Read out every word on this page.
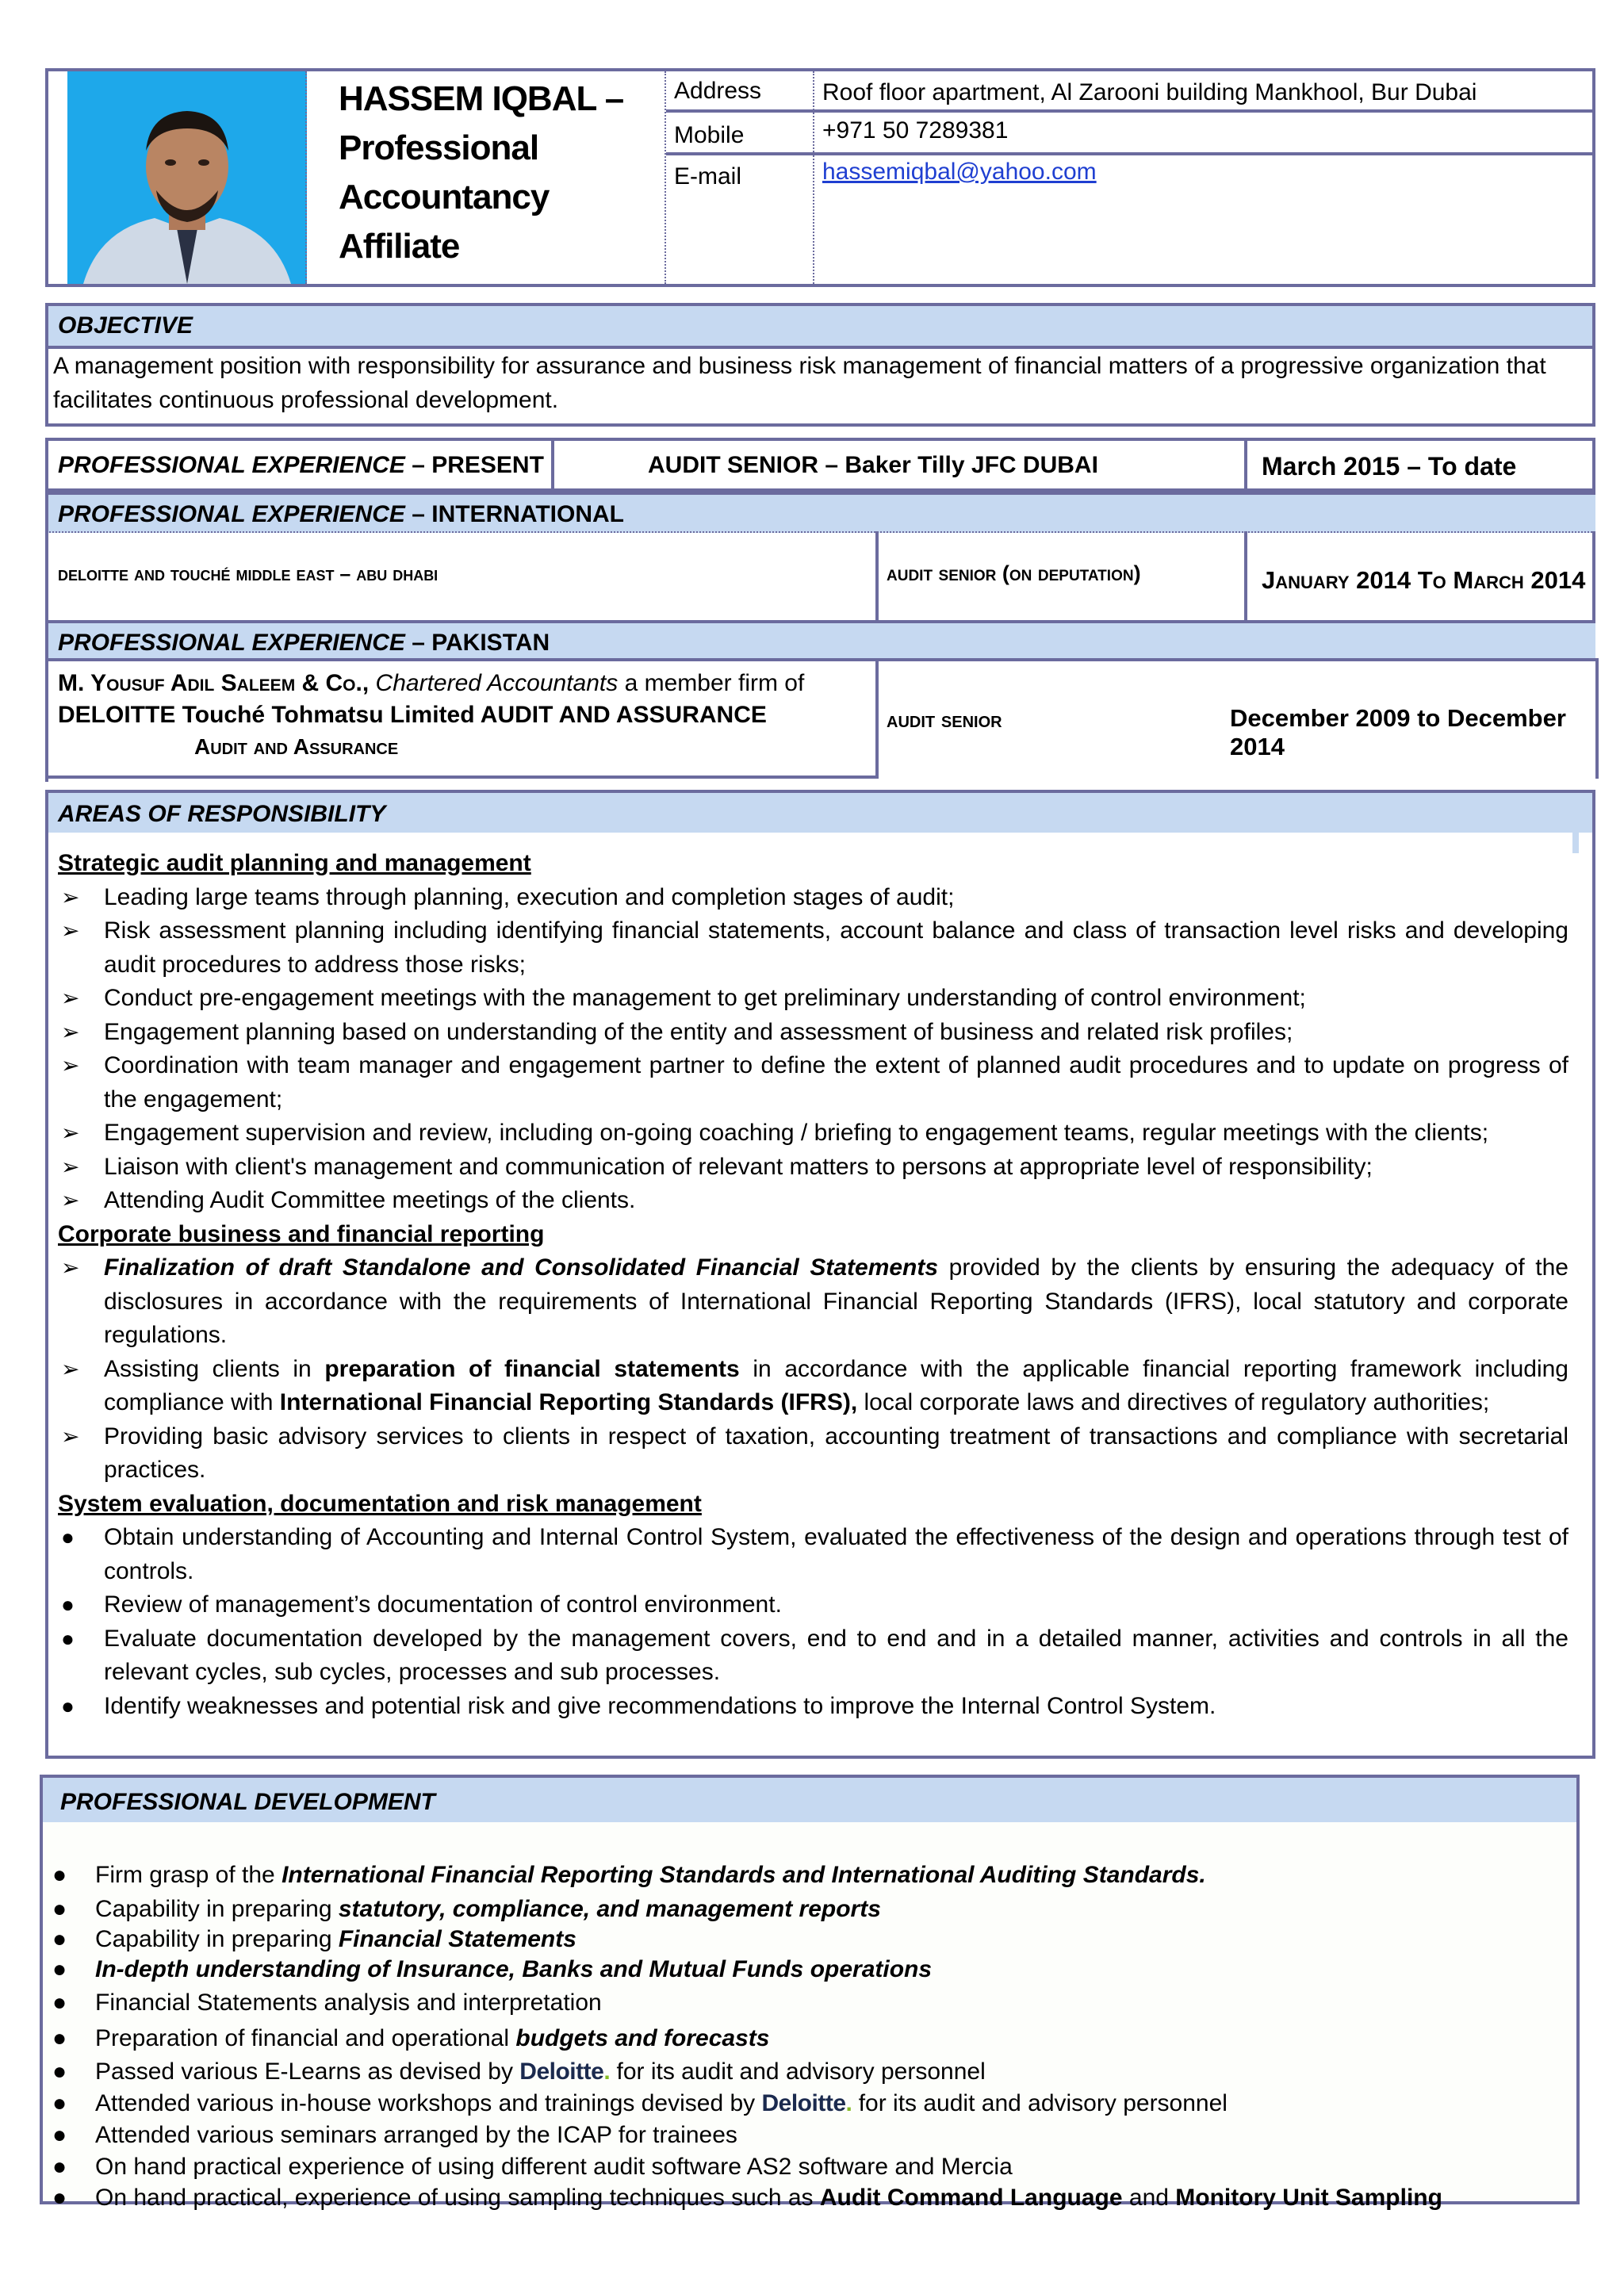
HASSEM IQBAL –
Professional
Accountancy
Affiliate
Address	Roof floor apartment, Al Zarooni building Mankhool, Bur Dubai
Mobile	+971 50 7289381
E-mail	hassemiqbal@yahoo.com
OBJECTIVE
A management position with responsibility for assurance and business risk management of financial matters of a progressive organization that facilitates continuous professional development.
PROFESSIONAL EXPERIENCE – PRESENT	AUDIT SENIOR – Baker Tilly JFC DUBAI	March 2015 – To date
PROFESSIONAL EXPERIENCE – INTERNATIONAL
deloitte and touché middle east – abu dhabi	audit senior (on deputation)	January 2014 To March 2014
PROFESSIONAL EXPERIENCE – PAKISTAN
M. Yousuf Adil Saleem & Co., Chartered Accountants a member firm of
DELOITTE Touché Tohmatsu Limited AUDIT AND ASSURANCE
Audit and Assurance
audit senior	December 2009 to December 2014
AREAS OF RESPONSIBILITY
Strategic audit planning and management
➢ Leading large teams through planning, execution and completion stages of audit;
➢ Risk assessment planning including identifying financial statements, account balance and class of transaction level risks and developing audit procedures to address those risks;
➢ Conduct pre-engagement meetings with the management to get preliminary understanding of control environment;
➢ Engagement planning based on understanding of the entity and assessment of business and related risk profiles;
➢ Coordination with team manager and engagement partner to define the extent of planned audit procedures and to update on progress of the engagement;
➢ Engagement supervision and review, including on-going coaching / briefing to engagement teams, regular meetings with the clients;
➢ Liaison with client's management and communication of relevant matters to persons at appropriate level of responsibility;
➢ Attending Audit Committee meetings of the clients.
Corporate business and financial reporting
➢ Finalization of draft Standalone and Consolidated Financial Statements provided by the clients by ensuring the adequacy of the disclosures in accordance with the requirements of International Financial Reporting Standards (IFRS), local statutory and corporate regulations.
➢ Assisting clients in preparation of financial statements in accordance with the applicable financial reporting framework including compliance with International Financial Reporting Standards (IFRS), local corporate laws and directives of regulatory authorities;
➢ Providing basic advisory services to clients in respect of taxation, accounting treatment of transactions and compliance with secretarial practices.
System evaluation, documentation and risk management
● Obtain understanding of Accounting and Internal Control System, evaluated the effectiveness of the design and operations through test of controls.
● Review of management’s documentation of control environment.
● Evaluate documentation developed by the management covers, end to end and in a detailed manner, activities and controls in all the relevant cycles, sub cycles, processes and sub processes.
● Identify weaknesses and potential risk and give recommendations to improve the Internal Control System.
PROFESSIONAL DEVELOPMENT
● Firm grasp of the International Financial Reporting Standards and International Auditing Standards.
● Capability in preparing statutory, compliance, and management reports
● Capability in preparing Financial Statements
● In-depth understanding of Insurance, Banks and Mutual Funds operations
● Financial Statements analysis and interpretation
● Preparation of financial and operational budgets and forecasts
● Passed various E-Learns as devised by Deloitte. for its audit and advisory personnel
● Attended various in-house workshops and trainings devised by Deloitte. for its audit and advisory personnel
● Attended various seminars arranged by the ICAP for trainees
● On hand practical experience of using different audit software AS2 software and Mercia
● On hand practical, experience of using sampling techniques such as Audit Command Language and Monitory Unit Sampling
